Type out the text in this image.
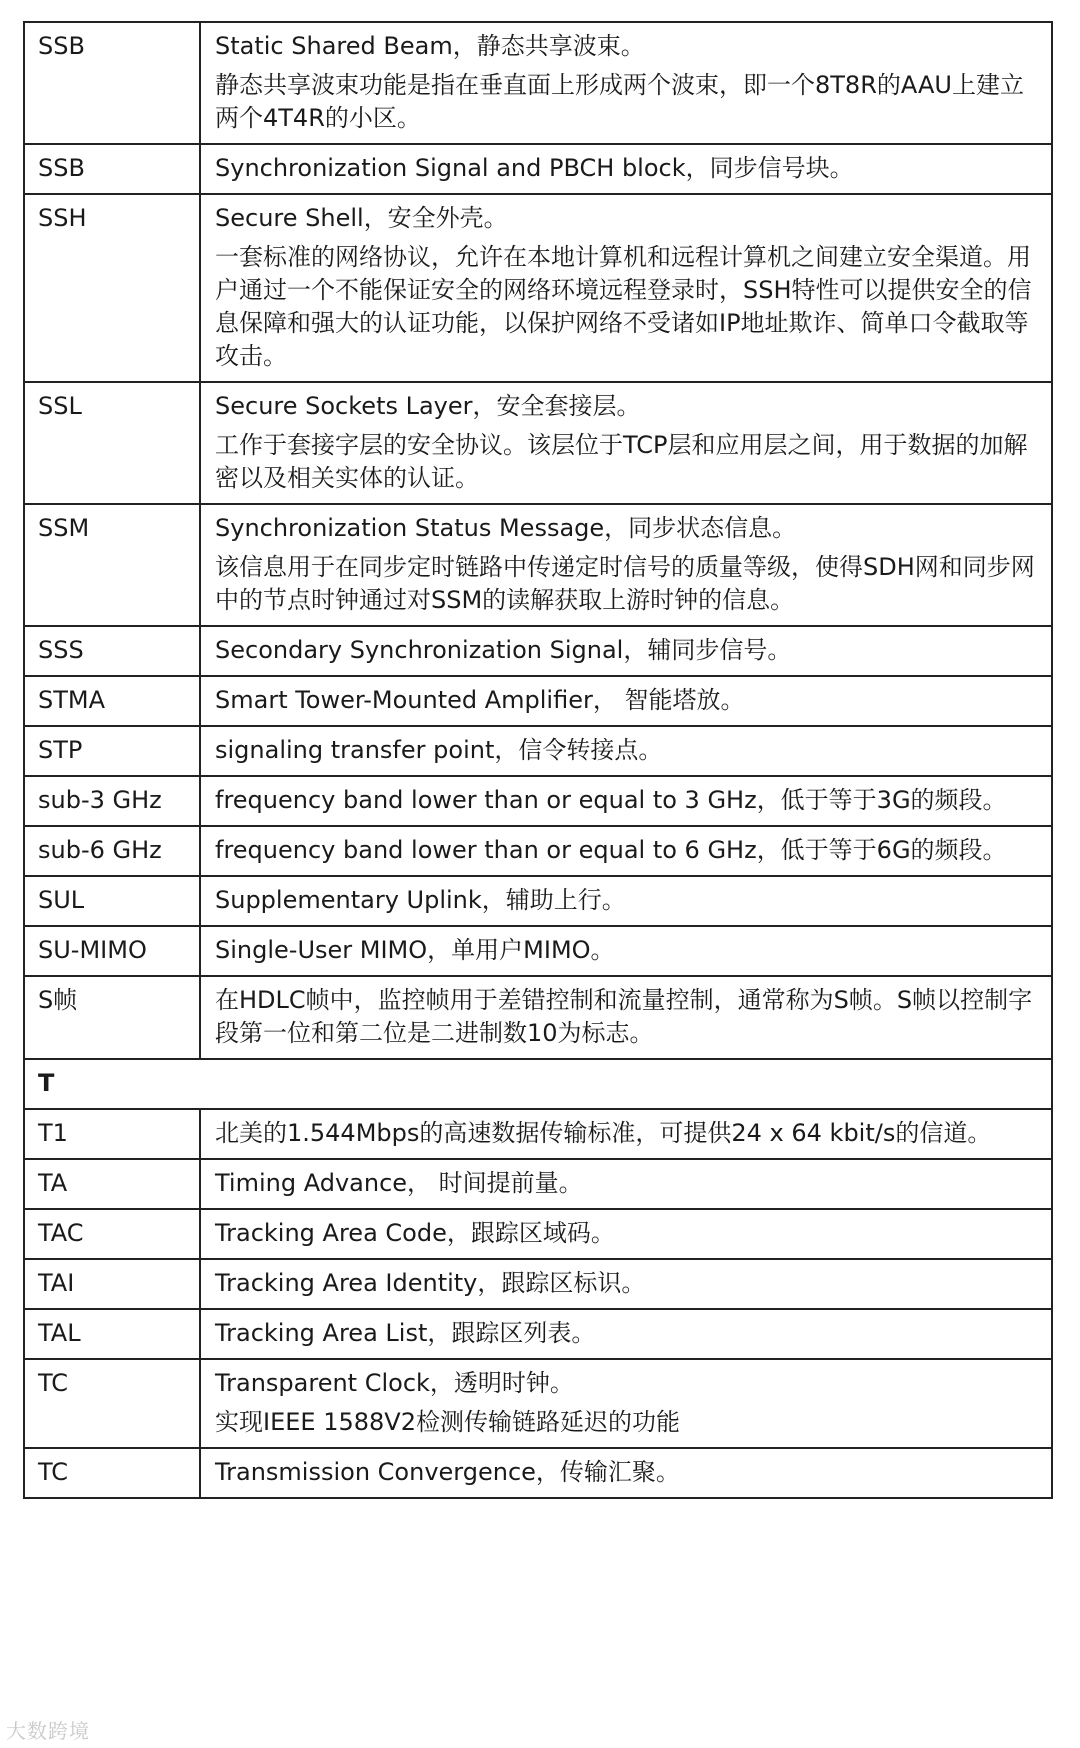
SSB	Static Shared Beam，静态共享波束。
静态共享波束功能是指在垂直面上形成两个波束，即一个8T8R的AAU上建立两个4T4R的小区。

SSB	Synchronization Signal and PBCH block，同步信号块。

SSH	Secure Shell，安全外壳。
一套标准的网络协议，允许在本地计算机和远程计算机之间建立安全渠道。用户通过一个不能保证安全的网络环境远程登录时，SSH特性可以提供安全的信息保障和强大的认证功能，以保护网络不受诸如IP地址欺诈、简单口令截取等攻击。

SSL	Secure Sockets Layer，安全套接层。
工作于套接字层的安全协议。该层位于TCP层和应用层之间，用于数据的加解密以及相关实体的认证。

SSM	Synchronization Status Message，同步状态信息。
该信息用于在同步定时链路中传递定时信号的质量等级，使得SDH网和同步网中的节点时钟通过对SSM的读解获取上游时钟的信息。

SSS	Secondary Synchronization Signal，辅同步信号。

STMA	Smart Tower-Mounted Amplifier， 智能塔放。

STP	signaling transfer point，信令转接点。

sub-3 GHz	frequency band lower than or equal to 3 GHz，低于等于3G的频段。

sub-6 GHz	frequency band lower than or equal to 6 GHz，低于等于6G的频段。

SUL	Supplementary Uplink，辅助上行。

SU-MIMO	Single-User MIMO，单用户MIMO。

S帧	在HDLC帧中，监控帧用于差错控制和流量控制，通常称为S帧。S帧以控制字段第一位和第二位是二进制数10为标志。

T	
T1	北美的1.544Mbps的高速数据传输标准，可提供24 x 64 kbit/s的信道。

TA	Timing Advance， 时间提前量。

TAC	Tracking Area Code，跟踪区域码。

TAI	Tracking Area Identity，跟踪区标识。

TAL	Tracking Area List，跟踪区列表。

TC	Transparent Clock，透明时钟。
实现IEEE 1588V2检测传输链路延迟的功能

TC	Transmission Convergence，传输汇聚。
大数跨境
